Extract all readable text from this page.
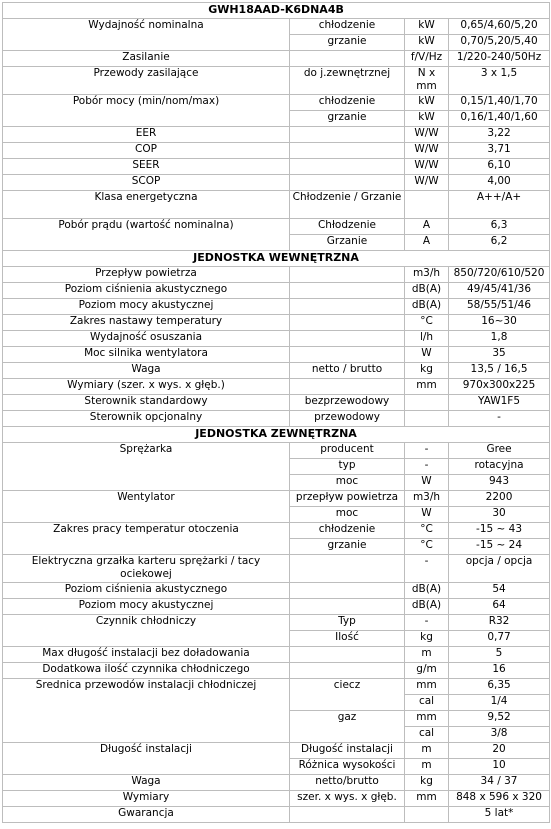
GWH18AAD-K6DNA4B			
Wydajność nominalna	chłodzenie	kW	0,65/4,60/5,20
	grzanie	kW	0,70/5,20/5,40
Zasilanie		f/V/Hz	1/220-240/50Hz
Przewody zasilające	do j.zewnętrznej	N x mm	3 x 1,5
Pobór mocy (min/nom/max)	chłodzenie	kW	0,15/1,40/1,70
	grzanie	kW	0,16/1,40/1,60
EER		W/W	3,22
COP		W/W	3,71
SEER		W/W	6,10
SCOP		W/W	4,00
Klasa energetyczna	Chłodzenie / Grzanie		A++/A+
Pobór prądu (wartość nominalna)	Chłodzenie	A	6,3
	Grzanie	A	6,2
JEDNOSTKA WEWNĘTRZNA			
Przepływ powietrza		m3/h	850/720/610/520
Poziom ciśnienia akustycznego		dB(A)	49/45/41/36
Poziom mocy akustycznej		dB(A)	58/55/51/46
Zakres nastawy temperatury		°C	16~30
Wydajność osuszania		l/h	1,8
Moc silnika wentylatora		W	35
Waga	netto / brutto	kg	13,5 / 16,5
Wymiary (szer. x wys. x głęb.)		mm	970x300x225
Sterownik standardowy	bezprzewodowy		YAW1F5
Sterownik opcjonalny	przewodowy		-
JEDNOSTKA ZEWNĘTRZNA			
Sprężarka	producent	-	Gree
	typ	-	rotacyjna
	moc	W	943
Wentylator	przepływ powietrza	m3/h	2200
	moc	W	30
Zakres pracy temperatur otoczenia	chłodzenie	°C	-15 ~ 43
	grzanie	°C	-15 ~ 24
Elektryczna grzałka karteru sprężarki / tacy ociekowej		-	opcja / opcja
Poziom ciśnienia akustycznego		dB(A)	54
Poziom mocy akustycznej		dB(A)	64
Czynnik chłodniczy	Typ	-	R32
	Ilość	kg	0,77
Max długość instalacji bez doładowania		m	5
Dodatkowa ilość czynnika chłodniczego		g/m	16
Średnica przewodów instalacji chłodniczej	ciecz	mm	6,35
		cal	1/4
	gaz	mm	9,52
		cal	3/8
Długość instalacji	Długość instalacji	m	20
	Różnica wysokości	m	10
Waga	netto/brutto	kg	34 / 37
Wymiary	szer. x wys. x głęb.	mm	848 x 596 x 320
Gwarancja			5 lat*
